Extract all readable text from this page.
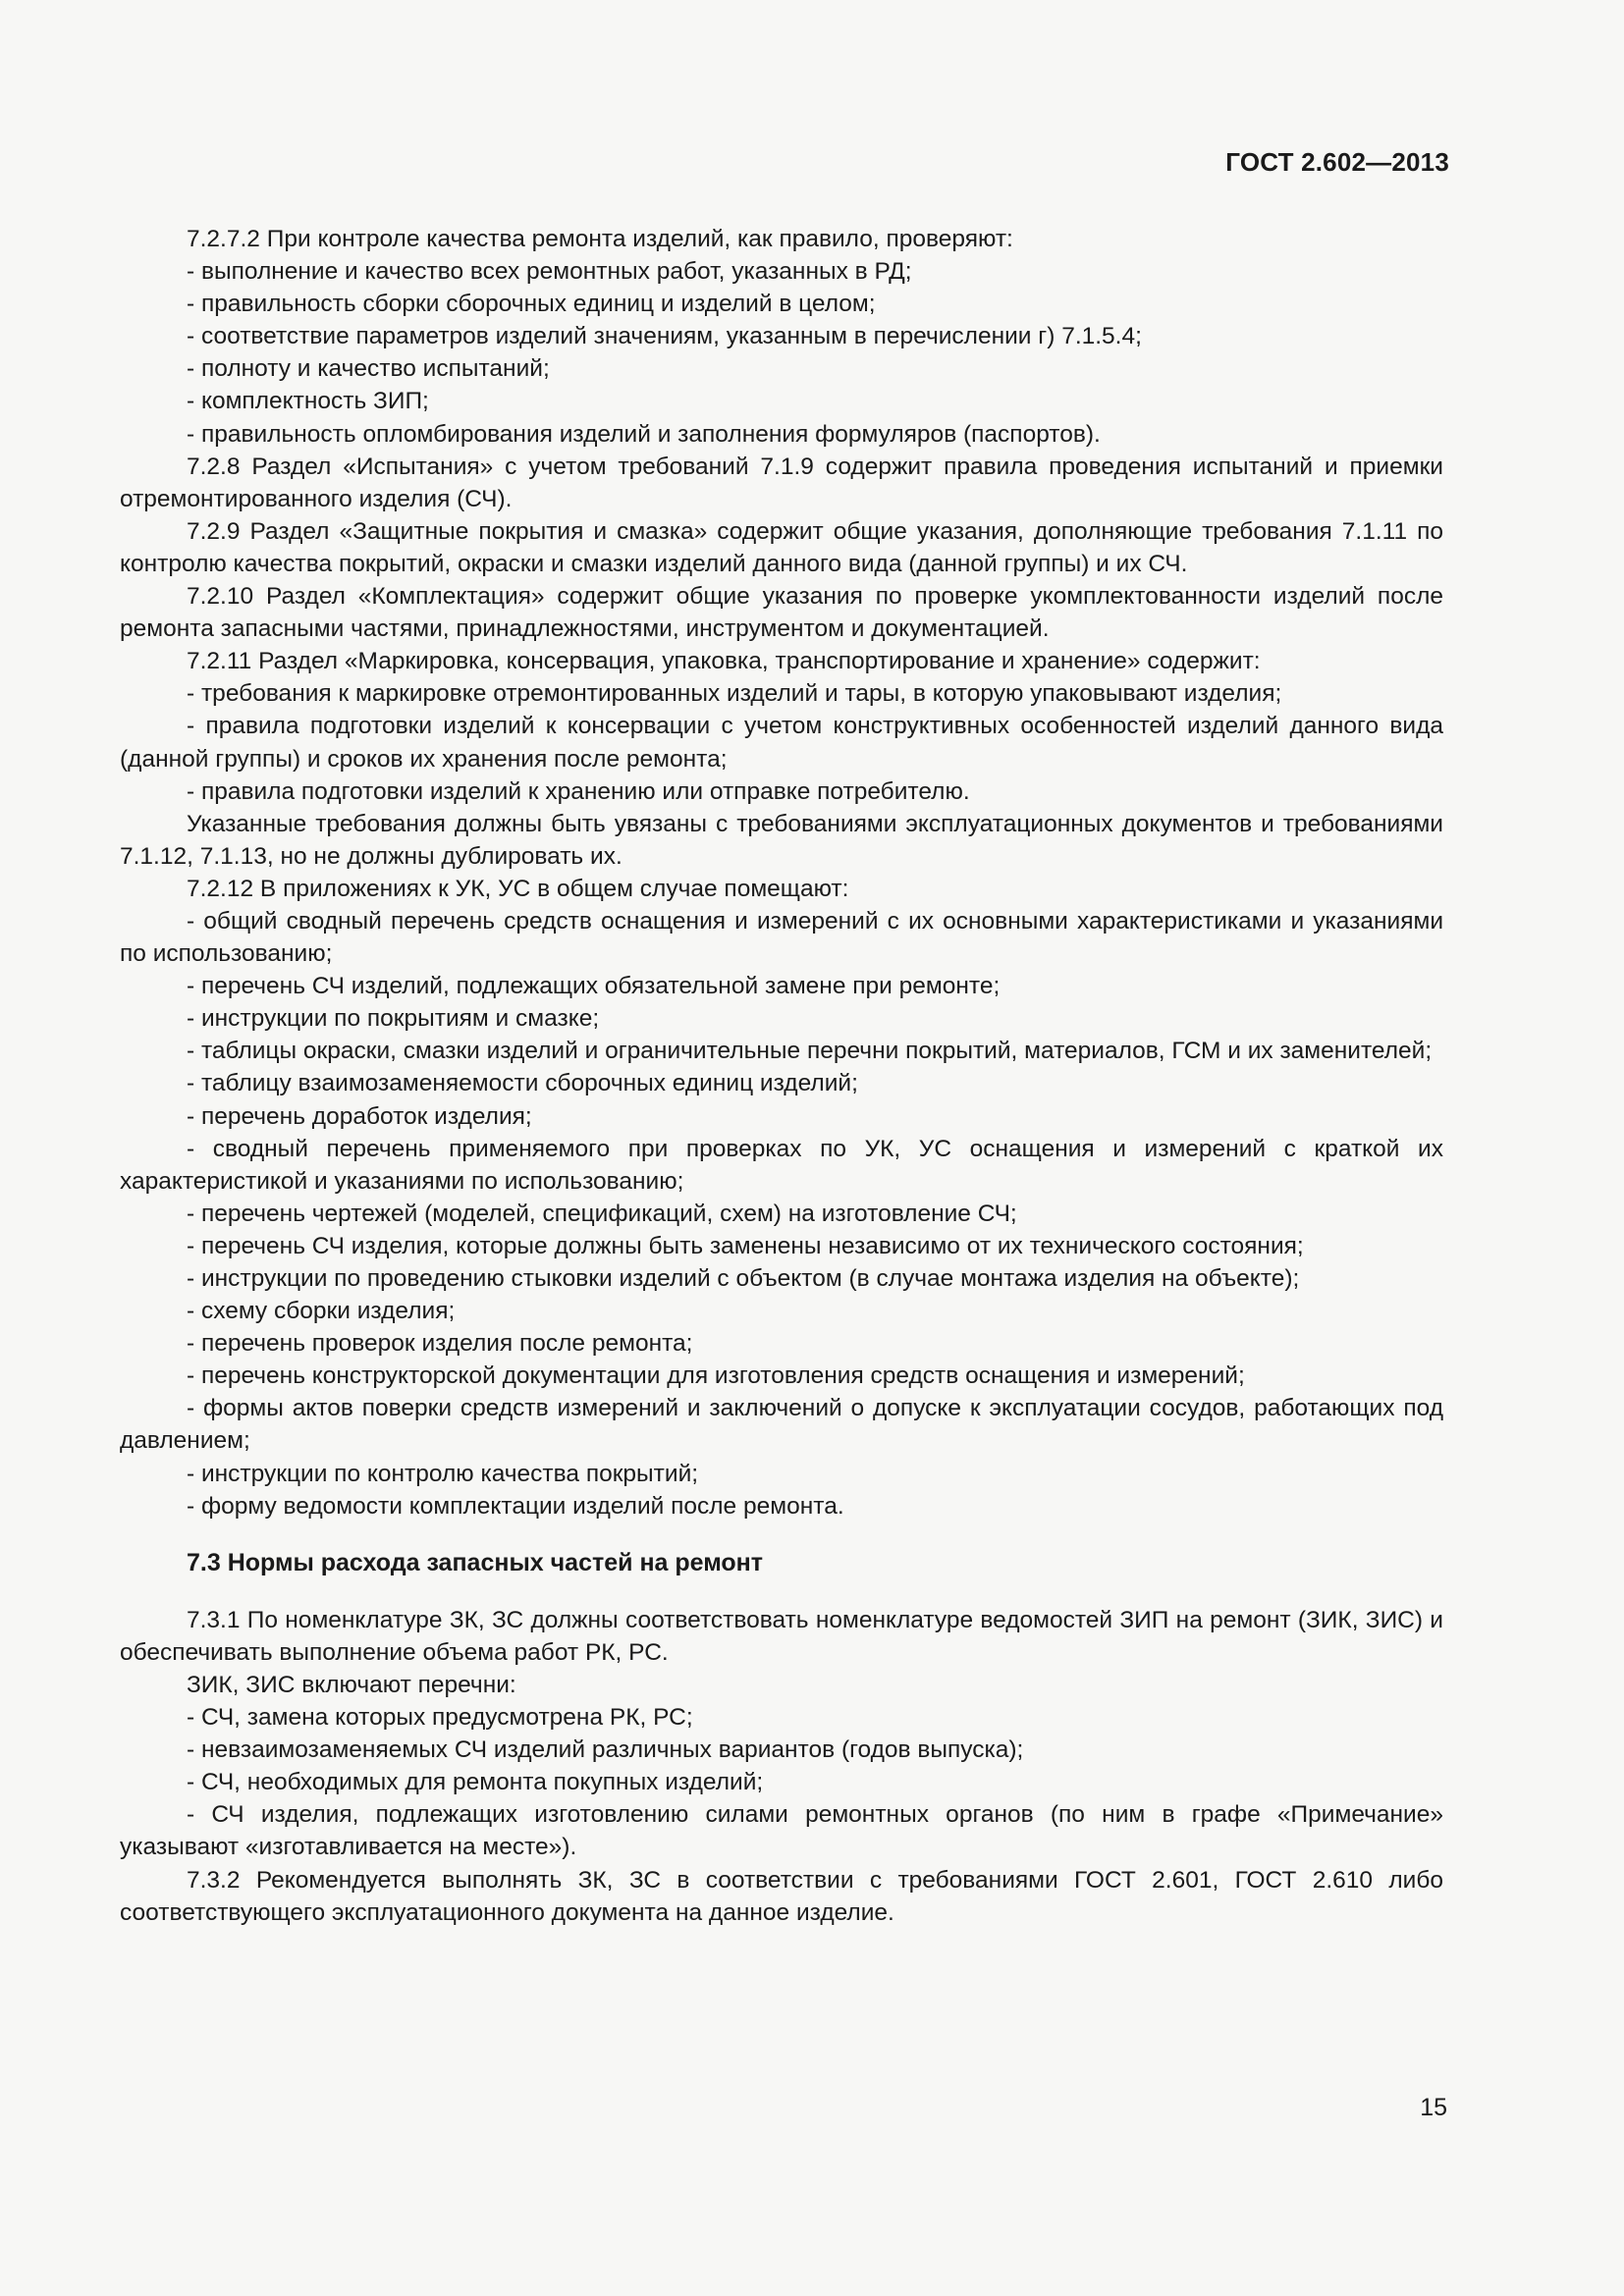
ГОСТ 2.602—2013

7.2.7.2 При контроле качества ремонта изделий, как правило, проверяют:

- выполнение и качество всех ремонтных работ, указанных в РД;

- правильность сборки сборочных единиц и изделий в целом;

- соответствие параметров изделий значениям, указанным в перечислении г) 7.1.5.4;

- полноту и качество испытаний;

- комплектность ЗИП;

- правильность опломбирования изделий и заполнения формуляров (паспортов).

7.2.8 Раздел «Испытания» с учетом требований 7.1.9 содержит правила проведения испытаний и приемки отремонтированного изделия (СЧ).

7.2.9 Раздел «Защитные покрытия и смазка» содержит общие указания, дополняющие требования 7.1.11 по контролю качества покрытий, окраски и смазки изделий данного вида (данной группы) и их СЧ.

7.2.10 Раздел «Комплектация» содержит общие указания по проверке укомплектованности изделий после ремонта запасными частями, принадлежностями, инструментом и документацией.

7.2.11 Раздел «Маркировка, консервация, упаковка, транспортирование и хранение» содержит:

- требования к маркировке отремонтированных изделий и тары, в которую упаковывают изделия;

- правила подготовки изделий к консервации с учетом конструктивных особенностей изделий данного вида (данной группы) и сроков их хранения после ремонта;

- правила подготовки изделий к хранению или отправке потребителю.

Указанные требования должны быть увязаны с требованиями эксплуатационных документов и требованиями 7.1.12, 7.1.13, но не должны дублировать их.

7.2.12 В приложениях к УК, УС в общем случае помещают:

- общий сводный перечень средств оснащения и измерений с их основными характеристиками и указаниями по использованию;

- перечень СЧ изделий, подлежащих обязательной замене при ремонте;

- инструкции по покрытиям и смазке;

- таблицы окраски, смазки изделий и ограничительные перечни покрытий, материалов, ГСМ и их заменителей;

- таблицу взаимозаменяемости сборочных единиц изделий;

- перечень доработок изделия;

- сводный перечень применяемого при проверках по УК, УС оснащения и измерений с краткой их характеристикой и указаниями по использованию;

- перечень чертежей (моделей, спецификаций, схем) на изготовление СЧ;

- перечень СЧ изделия, которые должны быть заменены независимо от их технического состояния;

- инструкции по проведению стыковки изделий с объектом (в случае монтажа изделия на объекте);

- схему сборки изделия;

- перечень проверок изделия после ремонта;

- перечень конструкторской документации для изготовления средств оснащения и измерений;

- формы актов поверки средств измерений и заключений о допуске к эксплуатации сосудов, работающих под давлением;

- инструкции по контролю качества покрытий;

- форму ведомости комплектации изделий после ремонта.

7.3 Нормы расхода запасных частей на ремонт

7.3.1 По номенклатуре ЗК, ЗС должны соответствовать номенклатуре ведомостей ЗИП на ремонт (ЗИК, ЗИС) и обеспечивать выполнение объема работ РК, РС.

ЗИК, ЗИС включают перечни:

- СЧ, замена которых предусмотрена РК, РС;

- невзаимозаменяемых СЧ изделий различных вариантов (годов выпуска);

- СЧ, необходимых для ремонта покупных изделий;

- СЧ изделия, подлежащих изготовлению силами ремонтных органов (по ним в графе «Примечание» указывают «изготавливается на месте»).

7.3.2 Рекомендуется выполнять ЗК, ЗС в соответствии с требованиями ГОСТ 2.601, ГОСТ 2.610 либо соответствующего эксплуатационного документа на данное изделие.

15
